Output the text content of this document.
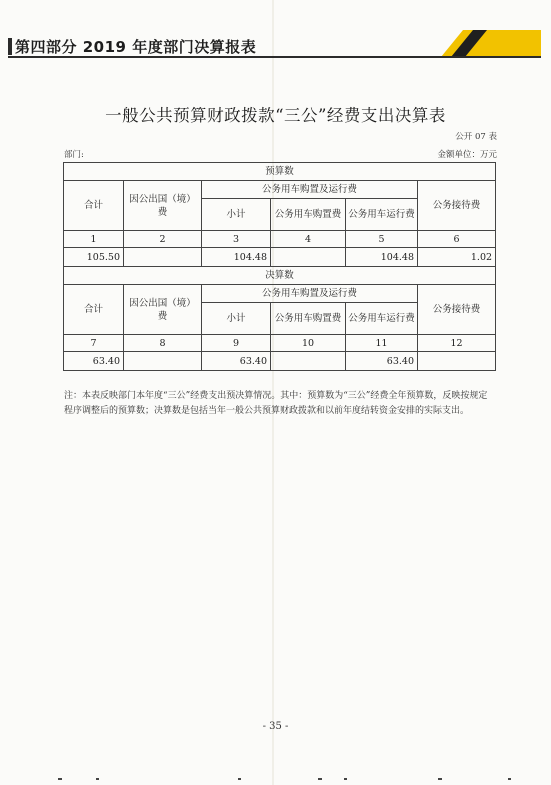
第四部分 2019 年度部门决算报表
一般公共预算财政拨款“三公”经费支出决算表
公开 07 表
部门:	金额单位：万元
预算数					
合计	因公出国（境）费	公务用车购置及运行费			公务接待费
		小计	公务用车购置费	公务用车运行费	
1	2	3	4	5	6
105.50		104.48		104.48	1.02
决算数					
合计	因公出国（境）费	公务用车购置及运行费			公务接待费
		小计	公务用车购置费	公务用车运行费	
7	8	9	10	11	12
63.40		63.40		63.40	
注：本表反映部门本年度“三公”经费支出预决算情况。其中：预算数为“三公”经费全年预算数，反映按规定程序调整后的预算数；决算数是包括当年一般公共预算财政拨款和以前年度结转资金安排的实际支出。
- 35 -
